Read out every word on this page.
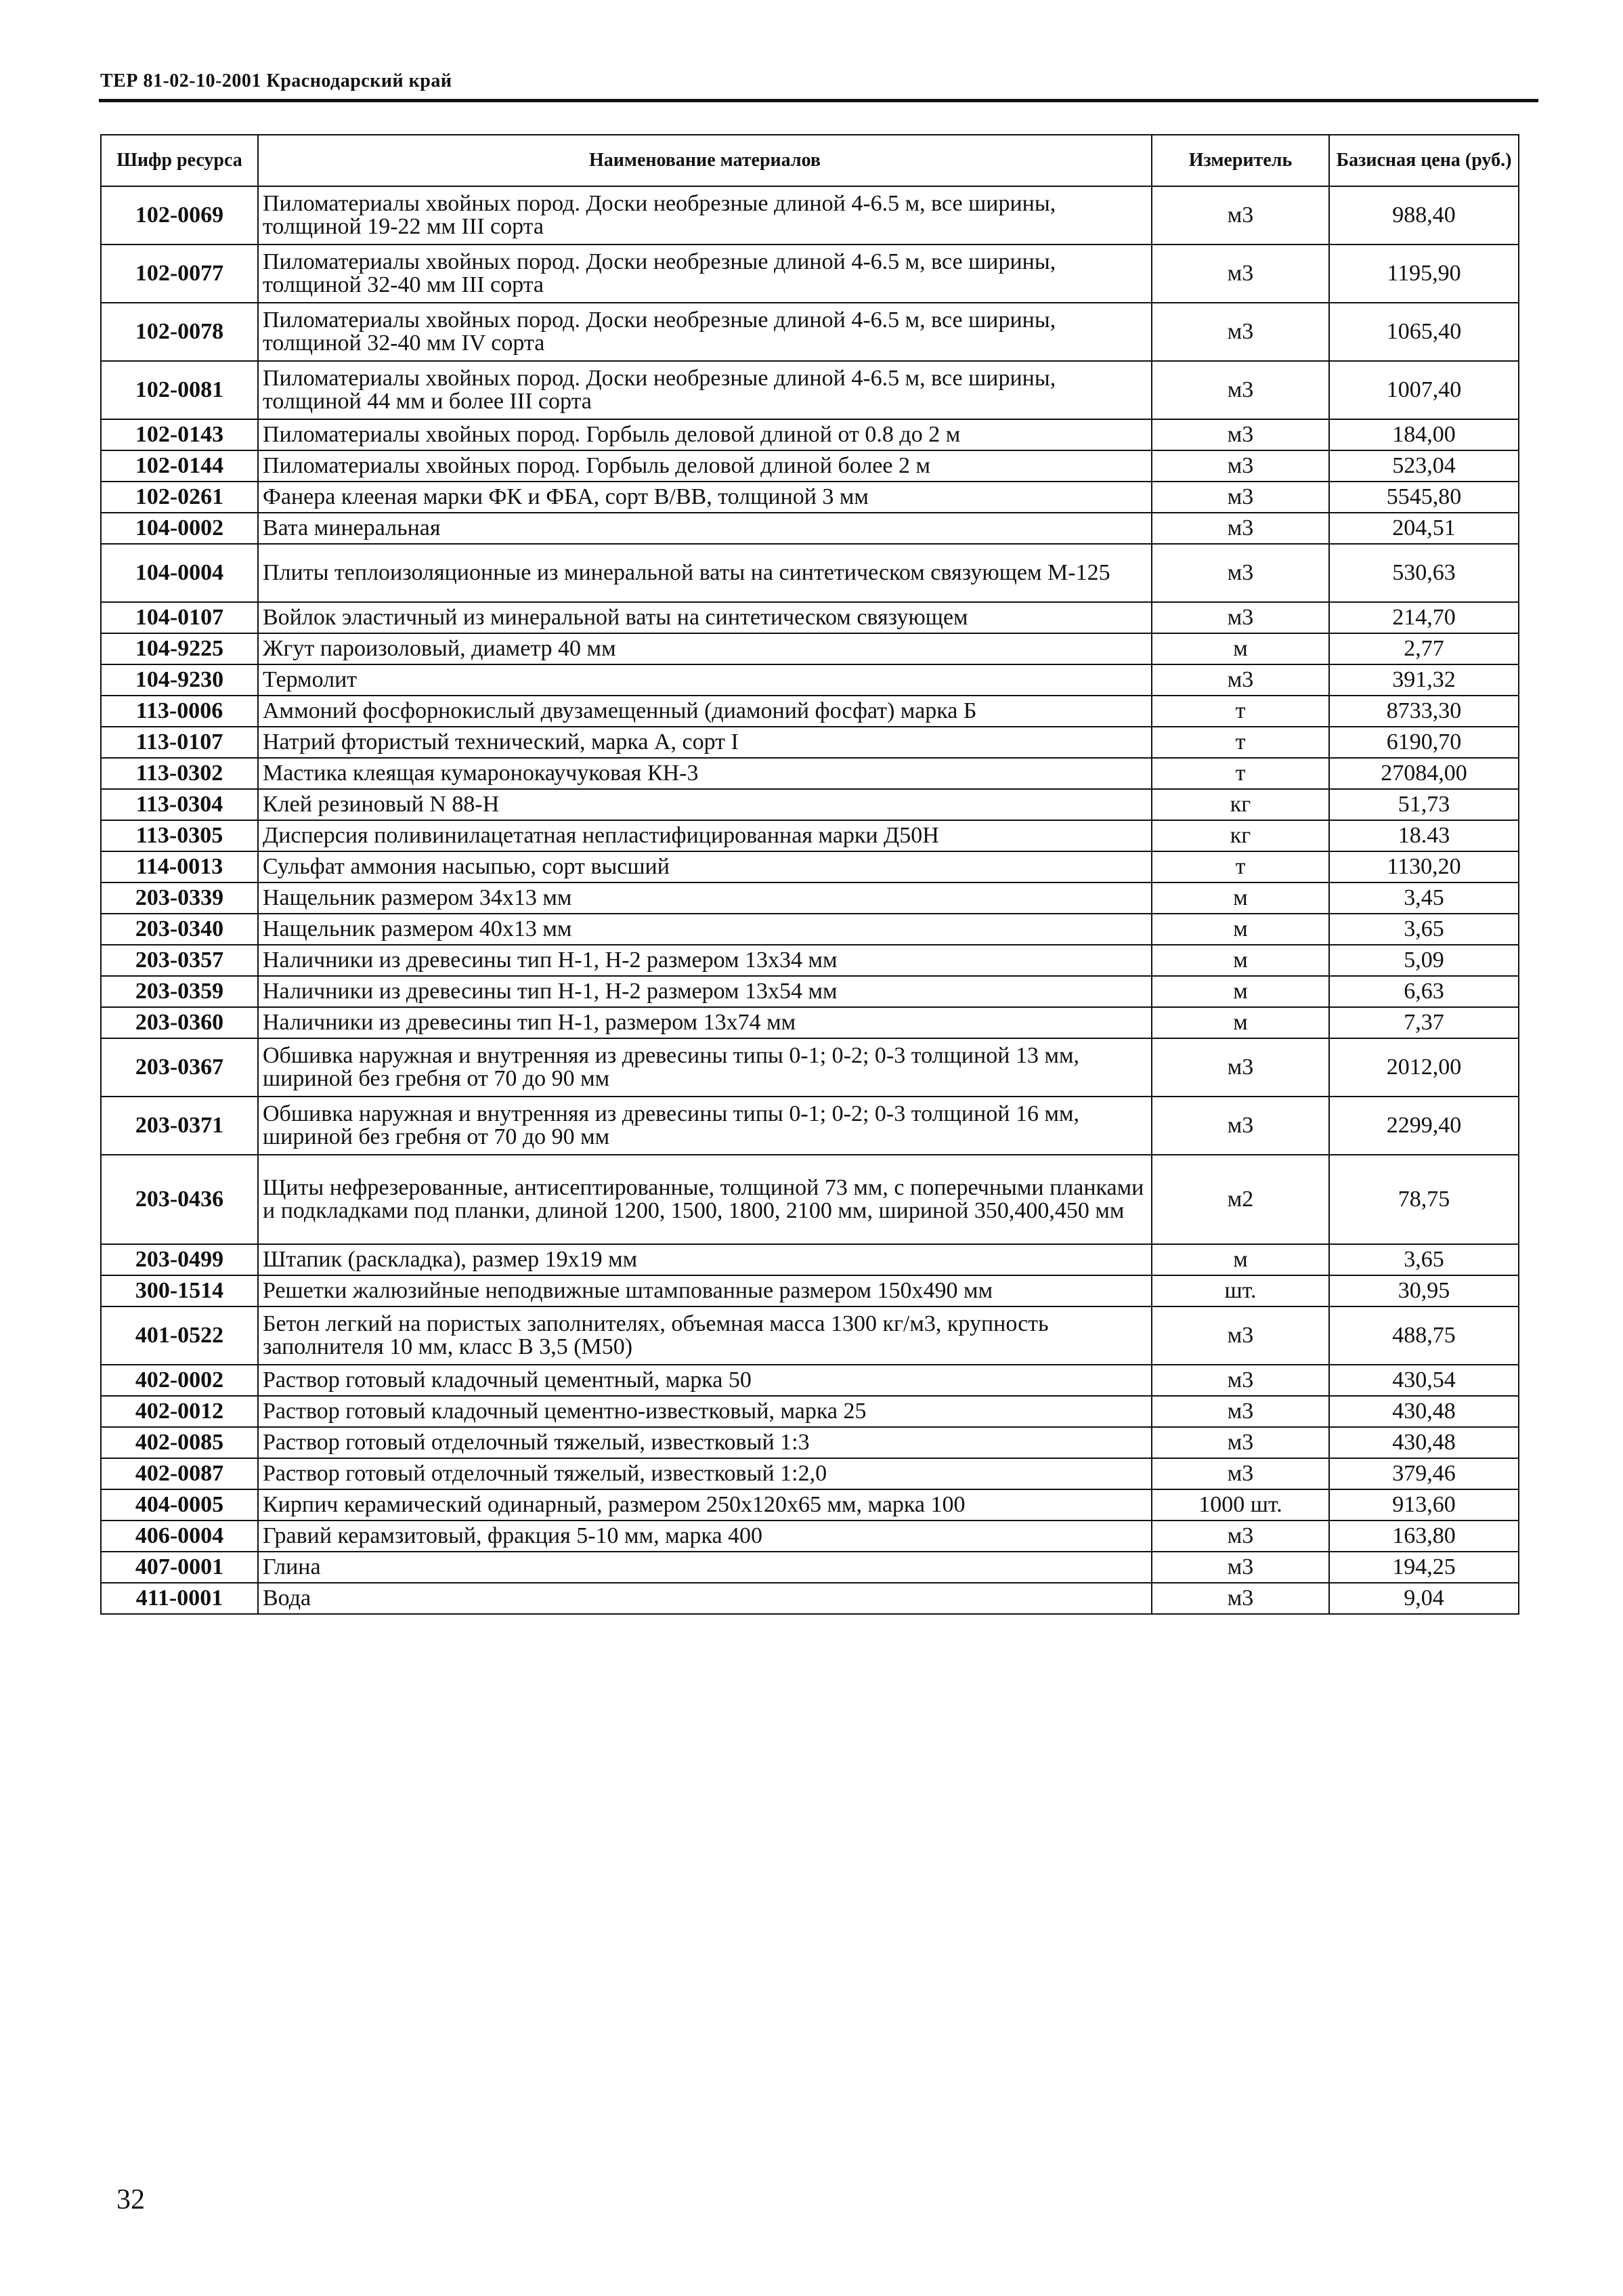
ТЕР 81-02-10-2001 Краснодарский край
Шифр ресурса	Наименование материалов	Измеритель	Базисная цена (руб.)
102-0069	Пиломатериалы хвойных пород. Доски необрезные длиной 4-6.5 м, все ширины, толщиной 19-22 мм III сорта	м3	988,40
102-0077	Пиломатериалы хвойных пород. Доски необрезные длиной 4-6.5 м, все ширины, толщиной 32-40 мм III сорта	м3	1195,90
102-0078	Пиломатериалы хвойных пород. Доски необрезные длиной 4-6.5 м, все ширины, толщиной 32-40 мм IV сорта	м3	1065,40
102-0081	Пиломатериалы хвойных пород. Доски необрезные длиной 4-6.5 м, все ширины, толщиной 44 мм и более III сорта	м3	1007,40
102-0143	Пиломатериалы хвойных пород. Горбыль деловой длиной от 0.8 до 2 м	м3	184,00
102-0144	Пиломатериалы хвойных пород. Горбыль деловой длиной более 2 м	м3	523,04
102-0261	Фанера клееная марки ФК и ФБА, сорт В/ВВ, толщиной 3 мм	м3	5545,80
104-0002	Вата минеральная	м3	204,51
104-0004	Плиты теплоизоляционные из минеральной ваты на синтетическом связующем М-125	м3	530,63
104-0107	Войлок эластичный из минеральной ваты на синтетическом связующем	м3	214,70
104-9225	Жгут пароизоловый, диаметр 40 мм	м	2,77
104-9230	Термолит	м3	391,32
113-0006	Аммоний фосфорнокислый двузамещенный (диамоний фосфат) марка Б	т	8733,30
113-0107	Натрий фтористый технический, марка А, сорт I	т	6190,70
113-0302	Мастика клеящая кумаронокаучуковая КН-3	т	27084,00
113-0304	Клей резиновый N 88-Н	кг	51,73
113-0305	Дисперсия поливинилацетатная непластифицированная марки Д50Н	кг	18.43
114-0013	Сульфат аммония насыпью, сорт высший	т	1130,20
203-0339	Нащельник размером 34х13 мм	м	3,45
203-0340	Нащельник размером 40х13 мм	м	3,65
203-0357	Наличники из древесины тип Н-1, Н-2 размером 13х34 мм	м	5,09
203-0359	Наличники из древесины тип Н-1, Н-2 размером 13х54 мм	м	6,63
203-0360	Наличники из древесины тип Н-1, размером 13х74 мм	м	7,37
203-0367	Обшивка наружная и внутренняя из древесины типы 0-1; 0-2; 0-3 толщиной 13 мм, шириной без гребня от 70 до 90 мм	м3	2012,00
203-0371	Обшивка наружная и внутренняя из древесины типы 0-1; 0-2; 0-3 толщиной 16 мм, шириной без гребня от 70 до 90 мм	м3	2299,40
203-0436	Щиты нефрезерованные, антисептированные, толщиной 73 мм, с поперечными планками и подкладками под планки, длиной 1200, 1500, 1800, 2100 мм, шириной 350,400,450 мм	м2	78,75
203-0499	Штапик (раскладка), размер 19х19 мм	м	3,65
300-1514	Решетки жалюзийные неподвижные штампованные размером 150х490 мм	шт.	30,95
401-0522	Бетон легкий на пористых заполнителях, объемная масса 1300 кг/м3, крупность заполнителя 10 мм, класс В 3,5 (М50)	м3	488,75
402-0002	Раствор готовый кладочный цементный, марка 50	м3	430,54
402-0012	Раствор готовый кладочный цементно-известковый, марка 25	м3	430,48
402-0085	Раствор готовый отделочный тяжелый, известковый 1:3	м3	430,48
402-0087	Раствор готовый отделочный тяжелый, известковый 1:2,0	м3	379,46
404-0005	Кирпич керамический одинарный, размером 250х120х65 мм, марка 100	1000 шт.	913,60
406-0004	Гравий керамзитовый, фракция 5-10 мм, марка 400	м3	163,80
407-0001	Глина	м3	194,25
411-0001	Вода	м3	9,04
32
